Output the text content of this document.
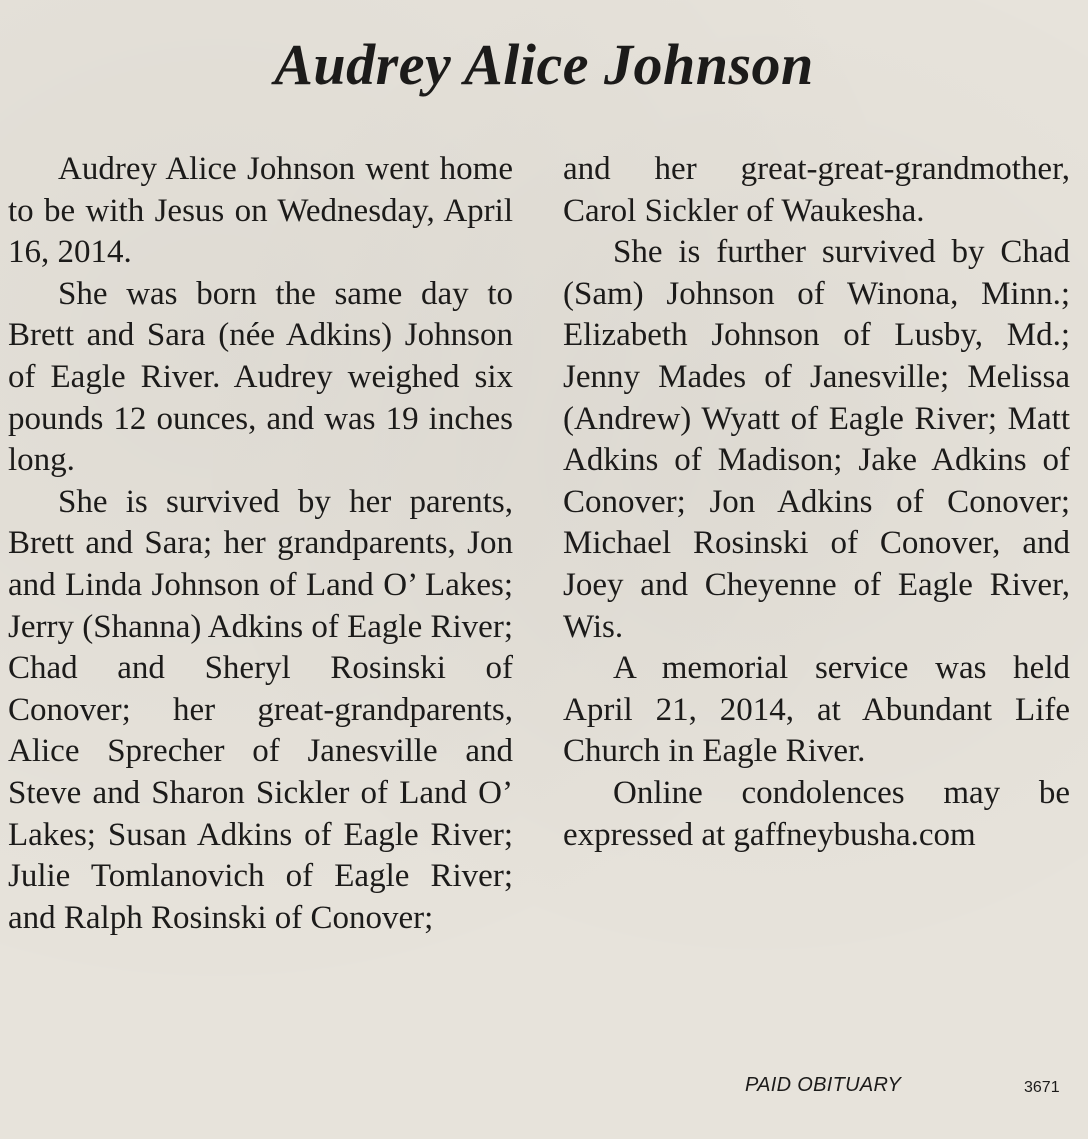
Audrey Alice Johnson

Audrey Alice Johnson went home to be with Jesus on Wednesday, April 16, 2014.

She was born the same day to Brett and Sara (née Adkins) Johnson of Eagle River. Audrey weighed six pounds 12 ounces, and was 19 inches long.

She is survived by her parents, Brett and Sara; her grandparents, Jon and Linda Johnson of Land O’ Lakes; Jerry (Shanna) Adkins of Eagle River; Chad and Sheryl Rosinski of Conover; her great-grandparents, Alice Sprecher of Janesville and Steve and Sharon Sickler of Land O’ Lakes; Susan Adkins of Eagle River; Julie Tomlanovich of Eagle River; and Ralph Rosinski of Conover;

and her great-great-grandmother, Carol Sickler of Waukesha.

She is further survived by Chad (Sam) Johnson of Winona, Minn.; Elizabeth Johnson of Lusby, Md.; Jenny Mades of Janesville; Melissa (Andrew) Wyatt of Eagle River; Matt Adkins of Madison; Jake Adkins of Conover; Jon Adkins of Conover; Michael Rosinski of Conover, and Joey and Cheyenne of Eagle River, Wis.

A memorial service was held April 21, 2014, at Abundant Life Church in Eagle River.

Online condolences may be expressed at gaffneybusha.com

PAID OBITUARY	3671
